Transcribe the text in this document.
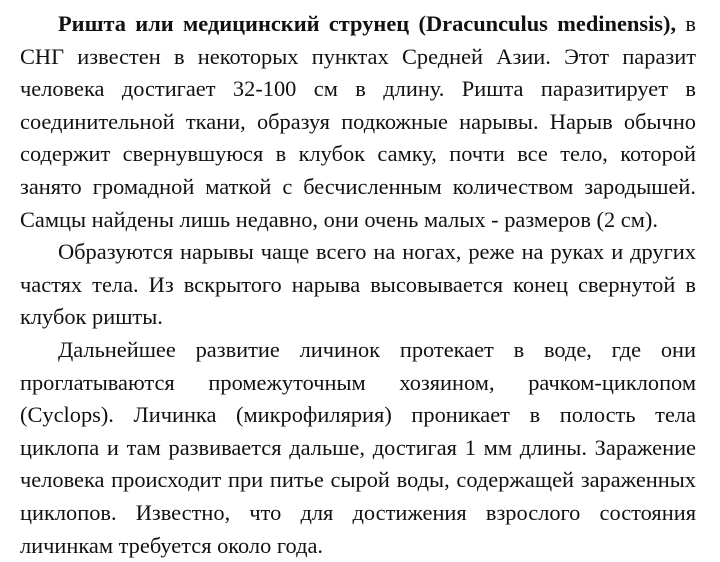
Ришта или медицинский струнец (Dracunculus medinensis), в СНГ известен в некоторых пунктах Средней Азии. Этот паразит человека достигает 32-100 см в длину. Ришта паразитирует в соединительной ткани, образуя подкожные нарывы. Нарыв обычно содержит свернувшуюся в клубок самку, почти все тело, которой занято громадной маткой с бесчисленным количеством зародышей. Самцы найдены лишь недавно, они очень малых - размеров (2 см).

Образуются нарывы чаще всего на ногах, реже на руках и других частях тела. Из вскрытого нарыва высовывается конец свернутой в клубок ришты.

Дальнейшее развитие личинок протекает в воде, где они проглатываются промежуточным хозяином, рачком-циклопом (Cyclops). Личинка (микрофилярия) проникает в полость тела циклопа и там развивается дальше, достигая 1 мм длины. Заражение человека происходит при питье сырой воды, содержащей зараженных циклопов. Известно, что для достижения взрослого состояния личинкам требуется около года.
